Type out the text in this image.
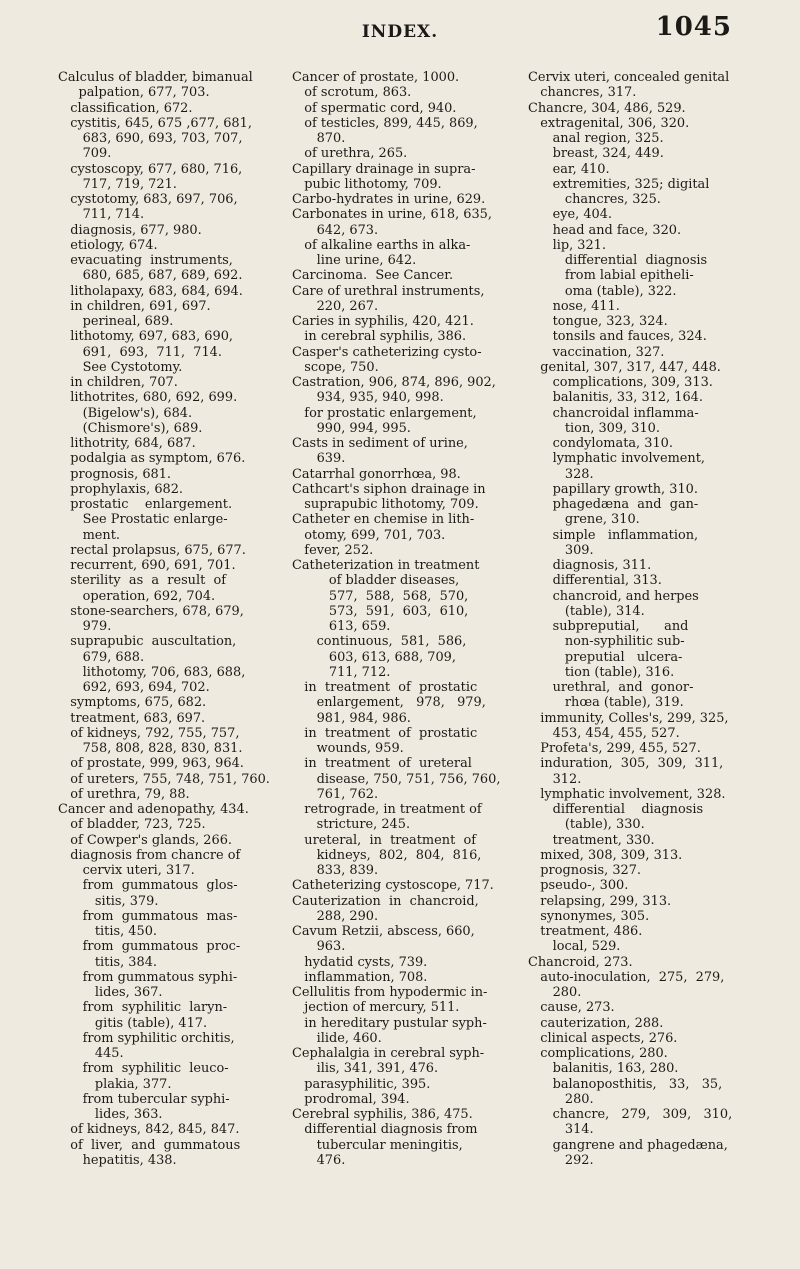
INDEX.	1045
Calculus of bladder, bimanual
palpation, 677, 703.
classification, 672.
cystitis, 645, 675 ,677, 681,
683, 690, 693, 703, 707,
709.
cystoscopy, 677, 680, 716,
717, 719, 721.
cystotomy, 683, 697, 706,
711, 714.
diagnosis, 677, 980.
etiology, 674.
evacuating  instruments,
680, 685, 687, 689, 692.
litholapaxy, 683, 684, 694.
in children, 691, 697.
perineal, 689.
lithotomy, 697, 683, 690,
691,  693,  711,  714.
See Cystotomy.
in children, 707.
lithotrites, 680, 692, 699.
(Bigelow's), 684.
(Chismore's), 689.
lithotrity, 684, 687.
podalgia as symptom, 676.
prognosis, 681.
prophylaxis, 682.
prostatic    enlargement.
See Prostatic enlarge-
ment.
rectal prolapsus, 675, 677.
recurrent, 690, 691, 701.
sterility  as  a  result  of
operation, 692, 704.
stone-searchers, 678, 679,
979.
suprapubic  auscultation,
679, 688.
lithotomy, 706, 683, 688,
692, 693, 694, 702.
symptoms, 675, 682.
treatment, 683, 697.
of kidneys, 792, 755, 757,
758, 808, 828, 830, 831.
of prostate, 999, 963, 964.
of ureters, 755, 748, 751, 760.
of urethra, 79, 88.
Cancer and adenopathy, 434.
of bladder, 723, 725.
of Cowper's glands, 266.
diagnosis from chancre of
cervix uteri, 317.
from  gummatous  glos-
sitis, 379.
from  gummatous  mas-
titis, 450.
from  gummatous  proc-
titis, 384.
from gummatous syphi-
lides, 367.
from  syphilitic  laryn-
gitis (table), 417.
from syphilitic orchitis,
445.
from  syphilitic  leuco-
plakia, 377.
from tubercular syphi-
lides, 363.
of kidneys, 842, 845, 847.
of  liver,  and  gummatous
hepatitis, 438.
Cancer of prostate, 1000.
of scrotum, 863.
of spermatic cord, 940.
of testicles, 899, 445, 869,
870.
of urethra, 265.
Capillary drainage in supra-
pubic lithotomy, 709.
Carbo-hydrates in urine, 629.
Carbonates in urine, 618, 635,
642, 673.
of alkaline earths in alka-
line urine, 642.
Carcinoma.  See Cancer.
Care of urethral instruments,
220, 267.
Caries in syphilis, 420, 421.
in cerebral syphilis, 386.
Casper's catheterizing cysto-
scope, 750.
Castration, 906, 874, 896, 902,
934, 935, 940, 998.
for prostatic enlargement,
990, 994, 995.
Casts in sediment of urine,
639.
Catarrhal gonorrhœa, 98.
Cathcart's siphon drainage in
suprapubic lithotomy, 709.
Catheter en chemise in lith-
otomy, 699, 701, 703.
fever, 252.
Catheterization in treatment
of bladder diseases,
577,  588,  568,  570,
573,  591,  603,  610,
613, 659.
continuous,  581,  586,
603, 613, 688, 709,
711, 712.
in  treatment  of  prostatic
enlargement,   978,   979,
981, 984, 986.
in  treatment  of  prostatic
wounds, 959.
in  treatment  of  ureteral
disease, 750, 751, 756, 760,
761, 762.
retrograde, in treatment of
stricture, 245.
ureteral,  in  treatment  of
kidneys,  802,  804,  816,
833, 839.
Catheterizing cystoscope, 717.
Cauterization  in  chancroid,
288, 290.
Cavum Retzii, abscess, 660,
963.
hydatid cysts, 739.
inflammation, 708.
Cellulitis from hypodermic in-
jection of mercury, 511.
in hereditary pustular syph-
ilide, 460.
Cephalalgia in cerebral syph-
ilis, 341, 391, 476.
parasyphilitic, 395.
prodromal, 394.
Cerebral syphilis, 386, 475.
differential diagnosis from
tubercular meningitis,
476.
Cervix uteri, concealed genital
chancres, 317.
Chancre, 304, 486, 529.
extragenital, 306, 320.
anal region, 325.
breast, 324, 449.
ear, 410.
extremities, 325; digital
chancres, 325.
eye, 404.
head and face, 320.
lip, 321.
differential  diagnosis
from labial epitheli-
oma (table), 322.
nose, 411.
tongue, 323, 324.
tonsils and fauces, 324.
vaccination, 327.
genital, 307, 317, 447, 448.
complications, 309, 313.
balanitis, 33, 312, 164.
chancroidal inflamma-
tion, 309, 310.
condylomata, 310.
lymphatic involvement,
328.
papillary growth, 310.
phagedæna  and  gan-
grene, 310.
simple   inflammation,
309.
diagnosis, 311.
differential, 313.
chancroid, and herpes
(table), 314.
subpreputial,      and
non-syphilitic sub-
preputial   ulcera-
tion (table), 316.
urethral,  and  gonor-
rhœa (table), 319.
immunity, Colles's, 299, 325,
453, 454, 455, 527.
Profeta's, 299, 455, 527.
induration,  305,  309,  311,
312.
lymphatic involvement, 328.
differential    diagnosis
(table), 330.
treatment, 330.
mixed, 308, 309, 313.
prognosis, 327.
pseudo-, 300.
relapsing, 299, 313.
synonymes, 305.
treatment, 486.
local, 529.
Chancroid, 273.
auto-inoculation,  275,  279,
280.
cause, 273.
cauterization, 288.
clinical aspects, 276.
complications, 280.
balanitis, 163, 280.
balanoposthitis,   33,   35,
280.
chancre,   279,   309,   310,
314.
gangrene and phagedæna,
292.
